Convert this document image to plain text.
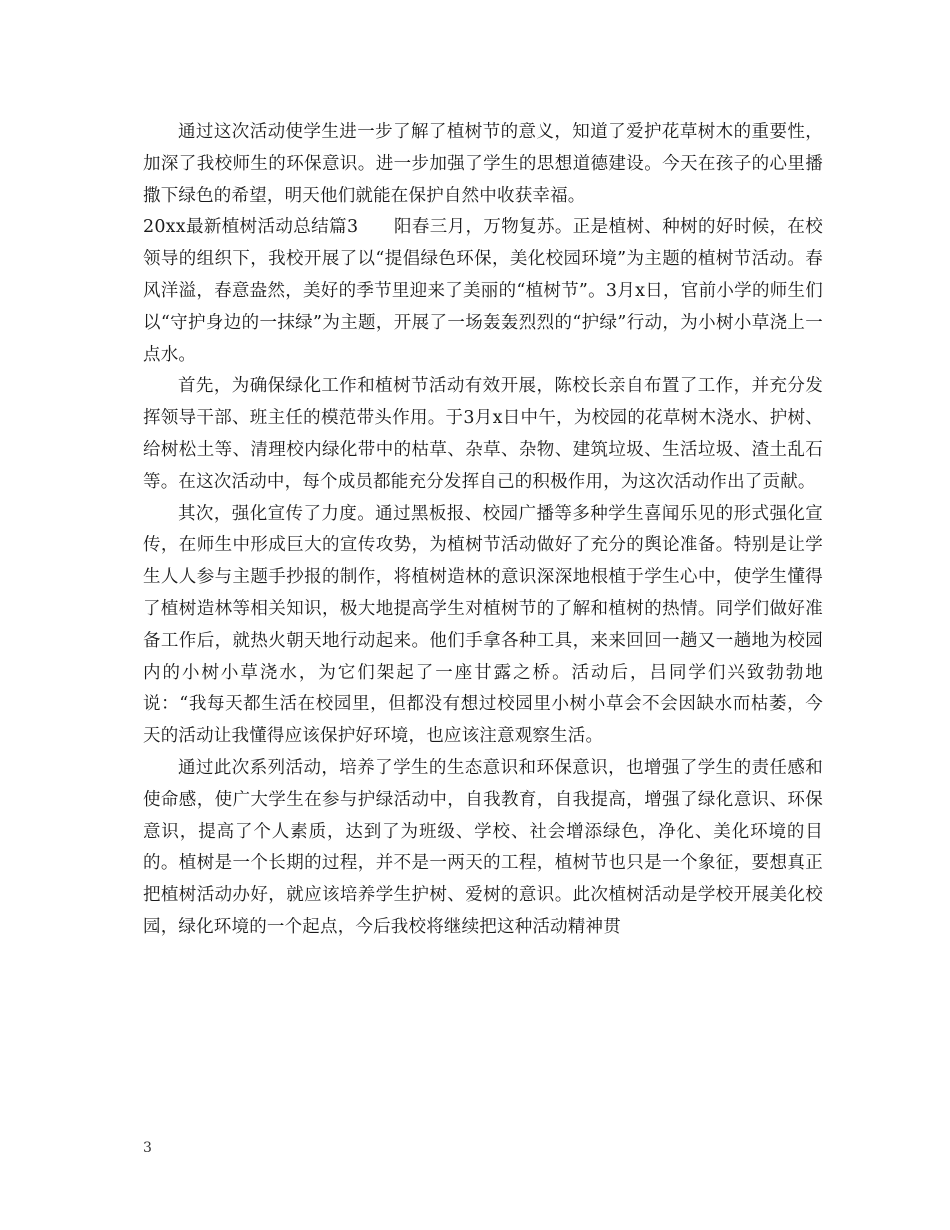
通过这次活动使学生进一步了解了植树节的意义，知道了爱护花草树木的重要性，加深了我校师生的环保意识。进一步加强了学生的思想道德建设。今天在孩子的心里播撒下绿色的希望，明天他们就能在保护自然中收获幸福。

20xx最新植树活动总结篇3 阳春三月，万物复苏。正是植树、种树的好时候，在校领导的组织下，我校开展了以“提倡绿色环保，美化校园环境”为主题的植树节活动。春风洋溢，春意盎然，美好的季节里迎来了美丽的“植树节”。3月x日，官前小学的师生们以“守护身边的一抹绿”为主题，开展了一场轰轰烈烈的“护绿”行动，为小树小草浇上一点水。

首先，为确保绿化工作和植树节活动有效开展，陈校长亲自布置了工作，并充分发挥领导干部、班主任的模范带头作用。于3月x日中午，为校园的花草树木浇水、护树、给树松土等、清理校内绿化带中的枯草、杂草、杂物、建筑垃圾、生活垃圾、渣土乱石等。在这次活动中，每个成员都能充分发挥自己的积极作用，为这次活动作出了贡献。

其次，强化宣传了力度。通过黑板报、校园广播等多种学生喜闻乐见的形式强化宣传，在师生中形成巨大的宣传攻势，为植树节活动做好了充分的舆论准备。特别是让学生人人参与主题手抄报的制作，将植树造林的意识深深地根植于学生心中，使学生懂得了植树造林等相关知识，极大地提高学生对植树节的了解和植树的热情。同学们做好准备工作后，就热火朝天地行动起来。他们手拿各种工具，来来回回一趟又一趟地为校园内的小树小草浇水，为它们架起了一座甘露之桥。活动后，吕同学们兴致勃勃地说：“我每天都生活在校园里，但都没有想过校园里小树小草会不会因缺水而枯萎，今天的活动让我懂得应该保护好环境，也应该注意观察生活。

通过此次系列活动，培养了学生的生态意识和环保意识，也增强了学生的责任感和使命感，使广大学生在参与护绿活动中，自我教育，自我提高，增强了绿化意识、环保意识，提高了个人素质，达到了为班级、学校、社会增添绿色，净化、美化环境的目的。植树是一个长期的过程，并不是一两天的工程，植树节也只是一个象征，要想真正把植树活动办好，就应该培养学生护树、爱树的意识。此次植树活动是学校开展美化校园，绿化环境的一个起点，今后我校将继续把这种活动精神贯

3
